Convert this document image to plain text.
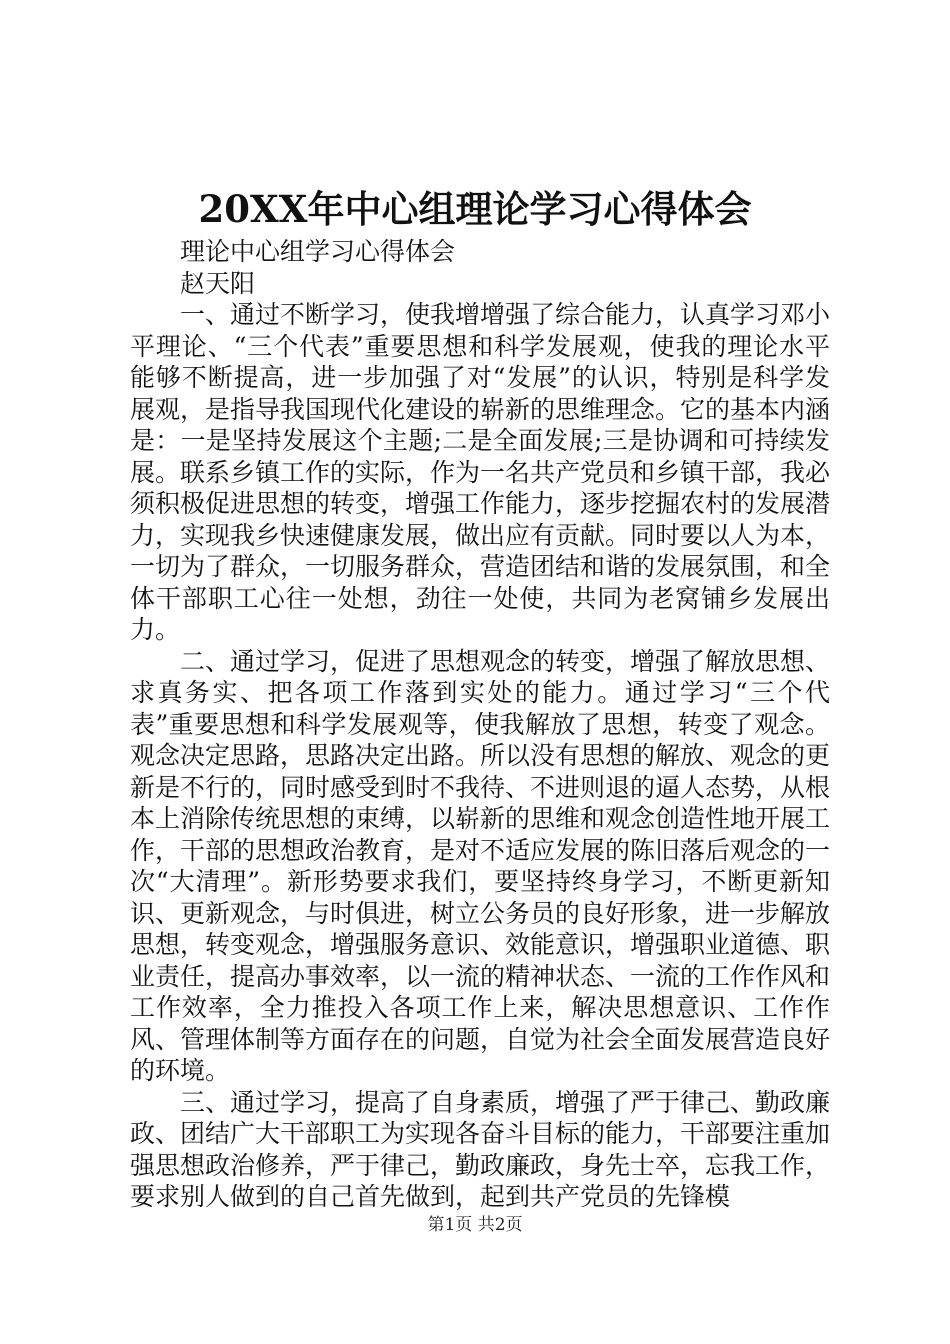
20XX年中心组理论学习心得体会

理论中心组学习心得体会

赵天阳

一、通过不断学习，使我增增强了综合能力，认真学习邓小平理论、“三个代表”重要思想和科学发展观，使我的理论水平能够不断提高，进一步加强了对“发展”的认识，特别是科学发展观，是指导我国现代化建设的崭新的思维理念。它的基本内涵是：一是坚持发展这个主题;二是全面发展;三是协调和可持续发展。联系乡镇工作的实际，作为一名共产党员和乡镇干部，我必须积极促进思想的转变，增强工作能力，逐步挖掘农村的发展潜力，实现我乡快速健康发展，做出应有贡献。同时要以人为本，一切为了群众，一切服务群众，营造团结和谐的发展氛围，和全体干部职工心往一处想，劲往一处使，共同为老窝铺乡发展出力。

二、通过学习，促进了思想观念的转变，增强了解放思想、求真务实、把各项工作落到实处的能力。通过学习“三个代表”重要思想和科学发展观等，使我解放了思想，转变了观念。观念决定思路，思路决定出路。所以没有思想的解放、观念的更新是不行的，同时感受到时不我待、不进则退的逼人态势，从根本上消除传统思想的束缚，以崭新的思维和观念创造性地开展工作，干部的思想政治教育，是对不适应发展的陈旧落后观念的一次“大清理”。新形势要求我们，要坚持终身学习，不断更新知识、更新观念，与时俱进，树立公务员的良好形象，进一步解放思想，转变观念，增强服务意识、效能意识，增强职业道德、职业责任，提高办事效率，以一流的精神状态、一流的工作作风和工作效率，全力推投入各项工作上来，解决思想意识、工作作风、管理体制等方面存在的问题，自觉为社会全面发展营造良好的环境。

三、通过学习，提高了自身素质，增强了严于律己、勤政廉政、团结广大干部职工为实现各奋斗目标的能力，干部要注重加强思想政治修养，严于律己，勤政廉政，身先士卒，忘我工作，要求别人做到的自己首先做到，起到共产党员的先锋模

第1页 共2页
